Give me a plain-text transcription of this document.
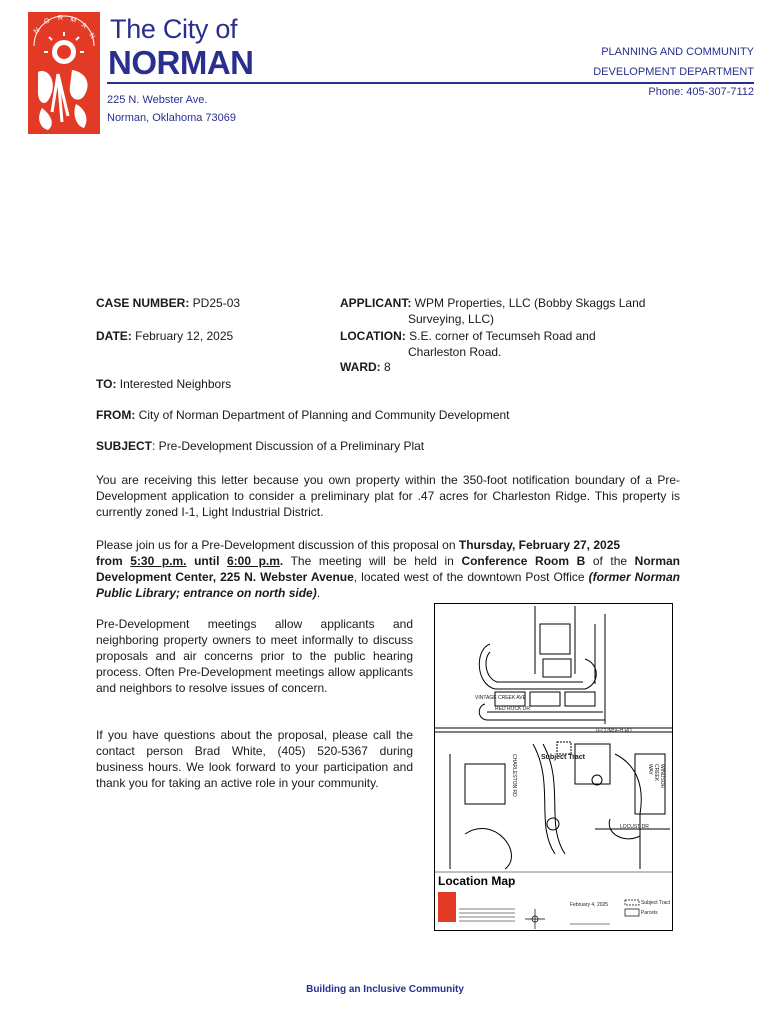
N
O R M
A
N The City of
NORMAN	PLANNING AND COMMUNITY
DEVELOPMENT DEPARTMENT
Phone: 405-307-7112
225 N. Webster Ave.
Norman, Oklahoma 73069
CASE NUMBER: PD25-03
DATE: February 12, 2025
APPLICANT: WPM Properties, LLC (Bobby Skaggs Land
Surveying, LLC)
LOCATION: S.E. corner of Tecumseh Road and
Charleston Road.
WARD: 8
TO: Interested Neighbors
FROM: City of Norman Department of Planning and Community Development
SUBJECT: Pre-Development Discussion of a Preliminary Plat
You are receiving this letter because you own property within the 350-foot notification boundary of a Pre-Development application to consider a preliminary plat for .47 acres for Charleston Ridge. This property is currently zoned I-1, Light Industrial District.
Please join us for a Pre-Development discussion of this proposal on Thursday, February 27, 2025
from 5:30 p.m. until 6:00 p.m. The meeting will be held in Conference Room B of the Norman Development Center, 225 N. Webster Avenue, located west of the downtown Post Office (former Norman Public Library; entrance on north side).
Pre-Development meetings allow applicants and neighboring property owners to meet informally to discuss proposals and air concerns prior to the public hearing process. Often Pre-Development meetings allow applicants and neighbors to resolve issues of concern.
If you have questions about the proposal, please call the contact person Brad White, (405) 520-5367 during business hours. We look forward to your participation and thank you for taking an active role in your community.
Location Map
Subject Tract
VINTAGE CREEK AVE
RED ROCK DR
TECUMSEH RD
CHARLESTON RD	WINDSOR CREEK WAY
LOCUST DR
February 4, 2025	Subject Tract
Parcels
Building an Inclusive Community
